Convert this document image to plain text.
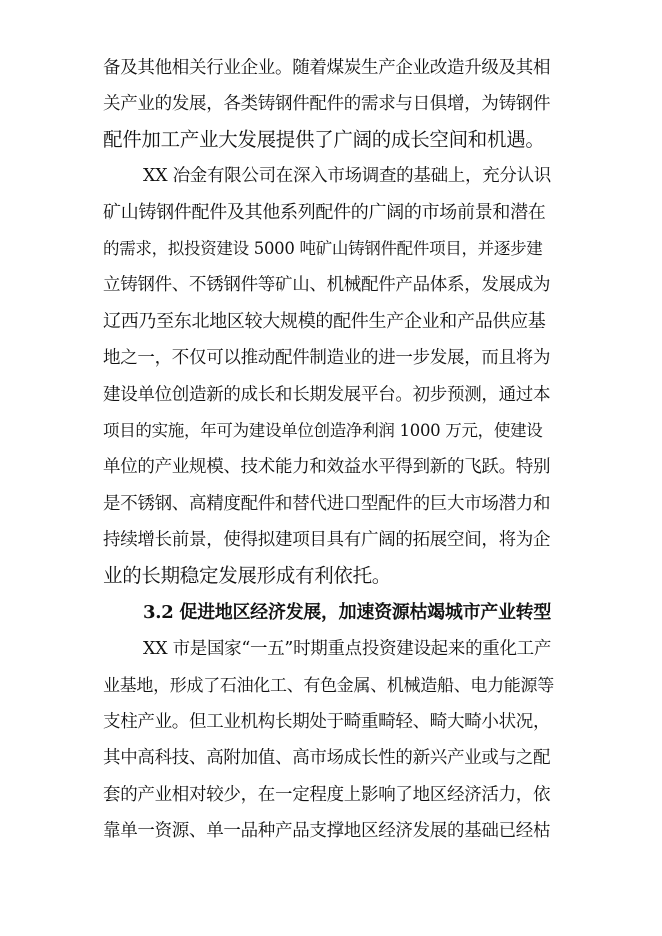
备及其他相关行业企业。随着煤炭生产企业改造升级及其相
关产业的发展，各类铸钢件配件的需求与日俱增，为铸钢件
配件加工产业大发展提供了广阔的成长空间和机遇。
XX 冶金有限公司在深入市场调查的基础上，充分认识
矿山铸钢件配件及其他系列配件的广阔的市场前景和潜在
的需求，拟投资建设 5000 吨矿山铸钢件配件项目，并逐步建
立铸钢件、不锈钢件等矿山、机械配件产品体系，发展成为
辽西乃至东北地区较大规模的配件生产企业和产品供应基
地之一，不仅可以推动配件制造业的进一步发展，而且将为
建设单位创造新的成长和长期发展平台。初步预测，通过本
项目的实施，年可为建设单位创造净利润 1000 万元，使建设
单位的产业规模、技术能力和效益水平得到新的飞跃。特别
是不锈钢、高精度配件和替代进口型配件的巨大市场潜力和
持续增长前景，使得拟建项目具有广阔的拓展空间，将为企
业的长期稳定发展形成有利依托。
3.2 促进地区经济发展，加速资源枯竭城市产业转型
XX 市是国家“一五”时期重点投资建设起来的重化工产
业基地，形成了石油化工、有色金属、机械造船、电力能源等
支柱产业。但工业机构长期处于畸重畸轻、畸大畸小状况，
其中高科技、高附加值、高市场成长性的新兴产业或与之配
套的产业相对较少，在一定程度上影响了地区经济活力，依
靠单一资源、单一品种产品支撑地区经济发展的基础已经枯
